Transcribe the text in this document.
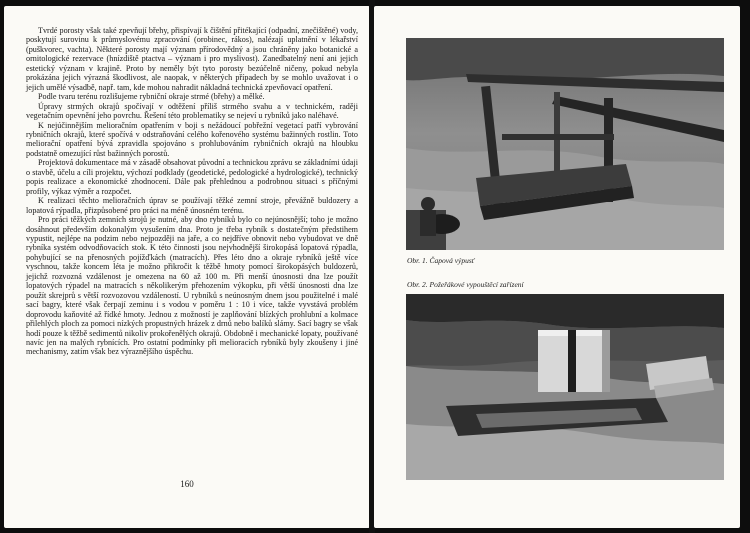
Tvrdé porosty však také zpevňují břehy, přispívají k čištění přitékající (odpadní, znečištěné) vody, poskytují surovinu k průmyslovému zpracování (orobinec, rákos), nalézají uplatnění v lékařství (puškvorec, vachta). Některé porosty mají význam přírodovědný a jsou chráněny jako botanické a ornitologické rezervace (hnízdiště ptactva – význam i pro myslivost). Zanedbatelný není ani jejich estetický význam v krajině. Proto by neměly být tyto porosty bezúčelně ničeny, pokud nebyla prokázána jejich výrazná škodlivost, ale naopak, v některých případech by se mohlo uvažovat i o jejich umělé výsadbě, např. tam, kde mohou nahradit nákladná technická zpevňovací opatření.

Podle tvaru terénu rozlišujeme rybniční okraje strmé (břehy) a mělké.

Úpravy strmých okrajů spočívají v odtěžení příliš strmého svahu a v technickém, raději vegetačním opevnění jeho povrchu. Řešení této problematiky se nejeví u rybníků jako naléhavé.

K nejúčinnějším melioračním opatřením v boji s nežádoucí pobřežní vegetací patří vybrování rybničních okrajů, které spočívá v odstraňování celého kořenového systému bažinných rostlin. Toto meliorační opatření bývá zpravidla spojováno s prohlubováním rybničních okrajů na hloubku podstatně omezující růst bažinných porostů.

Projektová dokumentace má v zásadě obsahovat původní a technickou zprávu se základními údaji o stavbě, účelu a cíli projektu, výchozí podklady (geodetické, pedologické a hydrologické), technický popis realizace a ekonomické zhodnocení. Dále pak přehlednou a podrobnou situaci s příčnými profily, výkaz výměr a rozpočet.

K realizaci těchto melioračních úprav se používají těžké zemní stroje, převážně buldozery a lopatová rýpadla, přizpůsobené pro práci na méně únosném terénu.

Pro práci těžkých zemních strojů je nutné, aby dno rybníků bylo co nejúnosnější; toho je možno dosáhnout především dokonalým vysušením dna. Proto je třeba rybník s dostatečným předstihem vypustit, nejlépe na podzim nebo nejpozději na jaře, a co nejdříve obnovit nebo vybudovat ve dně rybníka systém odvodňovacích stok. K této činnosti jsou nejvhodnější širokopásá lopatová rýpadla, pohybující se na přenosných pojížďkách (matracích). Přes léto dno a okraje rybníků ještě více vyschnou, takže koncem léta je možno přikročit k těžbě hmoty pomocí širokopásých buldozerů, jejichž rozvozná vzdálenost je omezena na 60 až 100 m. Při menší únosnosti dna lze použít lopatových rýpadel na matracích s několikerým přehozením výkopku, při větší únosnosti dna lze použít skrejprů s větší rozvozovou vzdáleností. U rybníků s neúnosným dnem jsou použitelné i malé sací bagry, které však čerpají zeminu i s vodou v poměru 1 : 10 i více, takže vyvstává problém doprovodu kaňovité až řídké hmoty. Jednou z možností je zaplňování blízkých prohlubní a kolmace přilehlých ploch za pomoci nízkých propustných hrázek z drnů nebo balíků slámy. Sací bagry se však hodí pouze k těžbě sedimentů nikoliv prokořenělých okrajů. Obdobně i mechanické lopaty, používané navíc jen na malých rybnících. Pro ostatní podmínky při melioracích rybníků byly zkoušeny i jiné mechanismy, zatím však bez výraznějšího úspěchu.

160
Obr. 1. Čapová výpusť
Obr. 2. Požeřákové vypouštěcí zařízení
